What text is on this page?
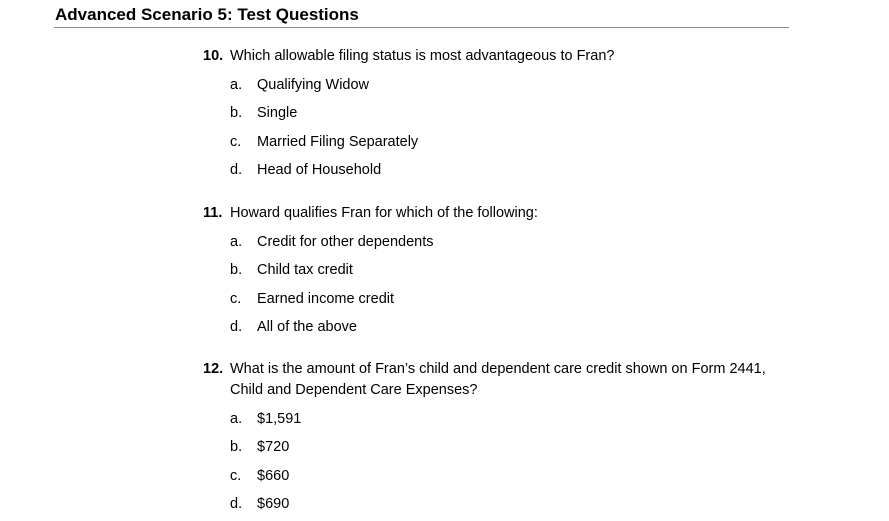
Advanced Scenario 5: Test Questions
10. Which allowable filing status is most advantageous to Fran?
a. Qualifying Widow
b. Single
c. Married Filing Separately
d. Head of Household
11. Howard qualifies Fran for which of the following:
a. Credit for other dependents
b. Child tax credit
c. Earned income credit
d. All of the above
12. What is the amount of Fran’s child and dependent care credit shown on Form 2441, Child and Dependent Care Expenses?
a. $1,591
b. $720
c. $660
d. $690
